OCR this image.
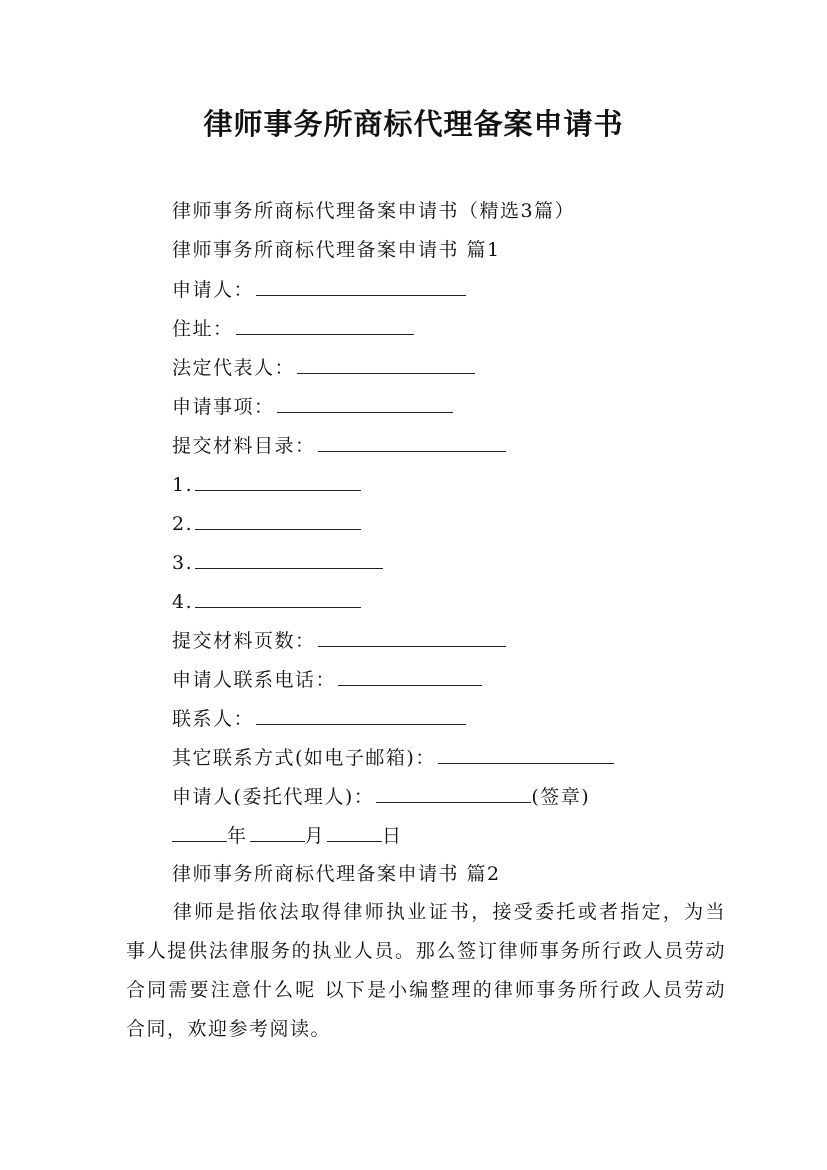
律师事务所商标代理备案申请书
律师事务所商标代理备案申请书（精选3篇）
律师事务所商标代理备案申请书 篇1
申请人：
住址：
法定代表人：
申请事项：
提交材料目录：
1.
2.
3.
4.
提交材料页数：
申请人联系电话：
联系人：
其它联系方式(如电子邮箱)：
申请人(委托代理人)：	(签章)
年	月	日
律师事务所商标代理备案申请书 篇2
律师是指依法取得律师执业证书，接受委托或者指定，为当事人提供法律服务的执业人员。那么签订律师事务所行政人员劳动合同需要注意什么呢 以下是小编整理的律师事务所行政人员劳动合同，欢迎参考阅读。
